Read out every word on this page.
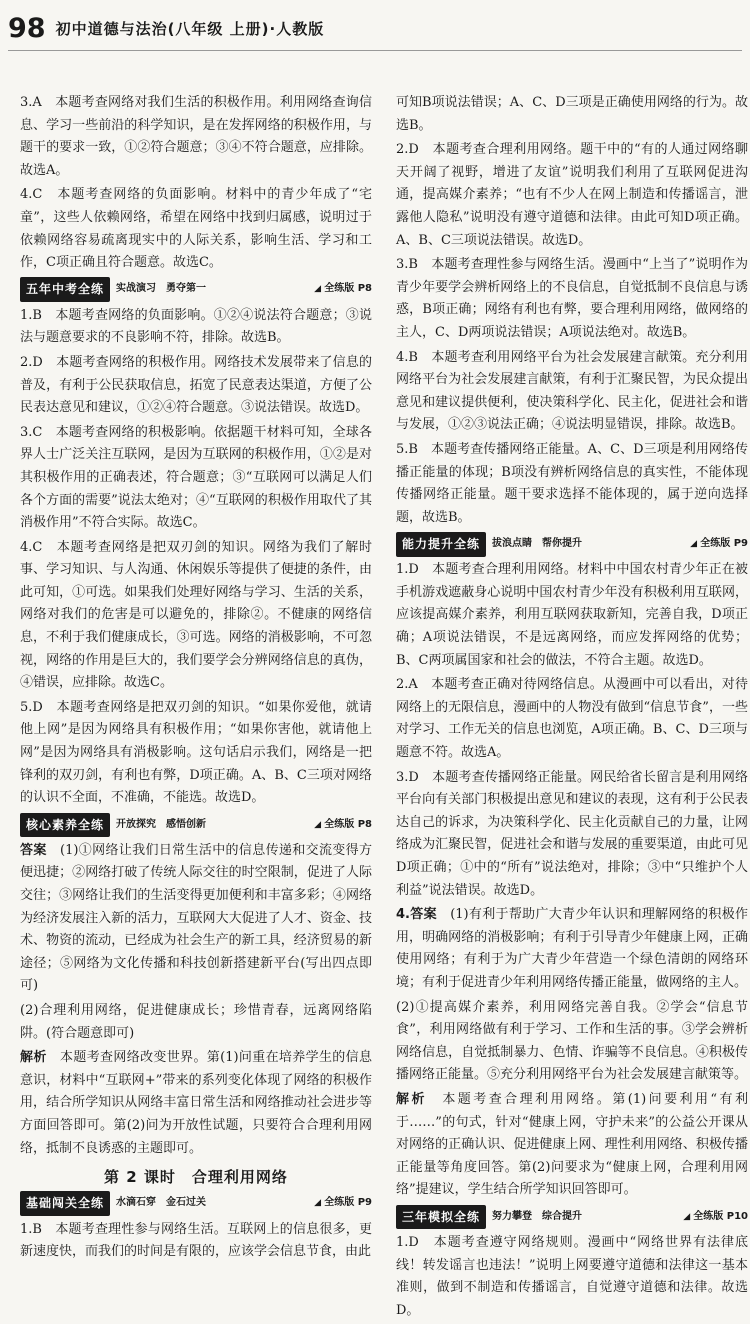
98 初中道德与法治(八年级 上册)·人教版

3.A　本题考查网络对我们生活的积极作用。利用网络查询信息、学习一些前沿的科学知识，是在发挥网络的积极作用，与题干的要求一致，①②符合题意；③④不符合题意，应排除。故选A。

4.C　本题考查网络的负面影响。材料中的青少年成了“宅童”，这些人依赖网络，希望在网络中找到归属感，说明过于依赖网络容易疏离现实中的人际关系，影响生活、学习和工作，C项正确且符合题意。故选C。

五年中考全练	实战演习　勇夺第一	◢ 全练版 P8

1.B　本题考查网络的负面影响。①②④说法符合题意；③说法与题意要求的不良影响不符，排除。故选B。

2.D　本题考查网络的积极作用。网络技术发展带来了信息的普及，有利于公民获取信息，拓宽了民意表达渠道，方便了公民表达意见和建议，①②④符合题意。③说法错误。故选D。

3.C　本题考查网络的积极影响。依据题干材料可知，全球各界人士广泛关注互联网，是因为互联网的积极作用，①②是对其积极作用的正确表述，符合题意；③“互联网可以满足人们各个方面的需要”说法太绝对；④“互联网的积极作用取代了其消极作用”不符合实际。故选C。

4.C　本题考查网络是把双刃剑的知识。网络为我们了解时事、学习知识、与人沟通、休闲娱乐等提供了便捷的条件，由此可知，①可选。如果我们处理好网络与学习、生活的关系，网络对我们的危害是可以避免的，排除②。不健康的网络信息，不利于我们健康成长，③可选。网络的消极影响，不可忽视，网络的作用是巨大的，我们要学会分辨网络信息的真伪，④错误，应排除。故选C。

5.D　本题考查网络是把双刃剑的知识。“如果你爱他，就请他上网”是因为网络具有积极作用；“如果你害他，就请他上网”是因为网络具有消极影响。这句话启示我们，网络是一把锋利的双刃剑，有利也有弊，D项正确。A、B、C三项对网络的认识不全面，不准确，不能选。故选D。

核心素养全练	开放探究　感悟创新	◢ 全练版 P8

答案　 (1)①网络让我们日常生活中的信息传递和交流变得方便迅捷；②网络打破了传统人际交往的时空限制，促进了人际交往；③网络让我们的生活变得更加便利和丰富多彩；④网络为经济发展注入新的活力，互联网大大促进了人才、资金、技术、物资的流动，已经成为社会生产的新工具，经济贸易的新途径；⑤网络为文化传播和科技创新搭建新平台(写出四点即可)

(2)合理利用网络，促进健康成长；珍惜青春，远离网络陷阱。(符合题意即可)

解析　 本题考查网络改变世界。第(1)问重在培养学生的信息意识，材料中“互联网+”带来的系列变化体现了网络的积极作用，结合所学知识从网络丰富日常生活和网络推动社会进步等方面回答即可。第(2)问为开放性试题，只要符合合理利用网络，抵制不良诱惑的主题即可。

第 2 课时　合理利用网络
基础闯关全练	水滴石穿　金石过关	◢ 全练版 P9

1.B　本题考查理性参与网络生活。互联网上的信息很多，更新速度快，而我们的时间是有限的，应该学会信息节食，由此

可知B项说法错误；A、C、D三项是正确使用网络的行为。故选B。

2.D　本题考查合理利用网络。题干中的“有的人通过网络聊天开阔了视野，增进了友谊”说明我们利用了互联网促进沟通，提高媒介素养；“也有不少人在网上制造和传播谣言，泄露他人隐私”说明没有遵守道德和法律。由此可知D项正确。A、B、C三项说法错误。故选D。

3.B　本题考查理性参与网络生活。漫画中“上当了”说明作为青少年要学会辨析网络上的不良信息，自觉抵制不良信息与诱惑，B项正确；网络有利也有弊，要合理利用网络，做网络的主人，C、D两项说法错误；A项说法绝对。故选B。

4.B　本题考查利用网络平台为社会发展建言献策。充分利用网络平台为社会发展建言献策，有利于汇聚民智，为民众提出意见和建议提供便利，使决策科学化、民主化，促进社会和谐与发展，①②③说法正确；④说法明显错误，排除。故选B。

5.B　本题考查传播网络正能量。A、C、D三项是利用网络传播正能量的体现；B项没有辨析网络信息的真实性，不能体现传播网络正能量。题干要求选择不能体现的，属于逆向选择题，故选B。

能力提升全练	拔浪点睛　帮你提升	◢ 全练版 P9

1.D　本题考查合理利用网络。材料中中国农村青少年正在被手机游戏遮蔽身心说明中国农村青少年没有积极利用互联网，应该提高媒介素养，利用互联网获取新知，完善自我，D项正确；A项说法错误，不是远离网络，而应发挥网络的优势；B、C两项属国家和社会的做法，不符合主题。故选D。

2.A　本题考查正确对待网络信息。从漫画中可以看出，对待网络上的无限信息，漫画中的人物没有做到“信息节食”，一些对学习、工作无关的信息也浏览，A项正确。B、C、D三项与题意不符。故选A。

3.D　本题考查传播网络正能量。网民给省长留言是利用网络平台向有关部门积极提出意见和建议的表现，这有利于公民表达自己的诉求，为决策科学化、民主化贡献自己的力量，让网络成为汇聚民智，促进社会和谐与发展的重要渠道，由此可见D项正确；①中的“所有”说法绝对，排除；③中“只维护个人利益”说法错误。故选D。

4.答案　 (1)有利于帮助广大青少年认识和理解网络的积极作用，明确网络的消极影响；有利于引导青少年健康上网，正确使用网络；有利于为广大青少年营造一个绿色清朗的网络环境；有利于促进青少年利用网络传播正能量，做网络的主人。

(2)①提高媒介素养，利用网络完善自我。②学会“信息节食”，利用网络做有利于学习、工作和生活的事。③学会辨析网络信息，自觉抵制暴力、色情、诈骗等不良信息。④积极传播网络正能量。⑤充分利用网络平台为社会发展建言献策等。

解析　 本题考查合理利用网络。第(1)问要利用“有利于……”的句式，针对“健康上网，守护未来”的公益公开课从对网络的正确认识、促进健康上网、理性利用网络、积极传播正能量等角度回答。第(2)问要求为“健康上网，合理利用网络”提建议，学生结合所学知识回答即可。

三年模拟全练	努力攀登　综合提升	◢ 全练版 P10

1.D　本题考查遵守网络规则。漫画中“网络世界有法律底线！转发谣言也违法！”说明上网要遵守道德和法律这一基本准则，做到不制造和传播谣言，自觉遵守道德和法律。故选D。
